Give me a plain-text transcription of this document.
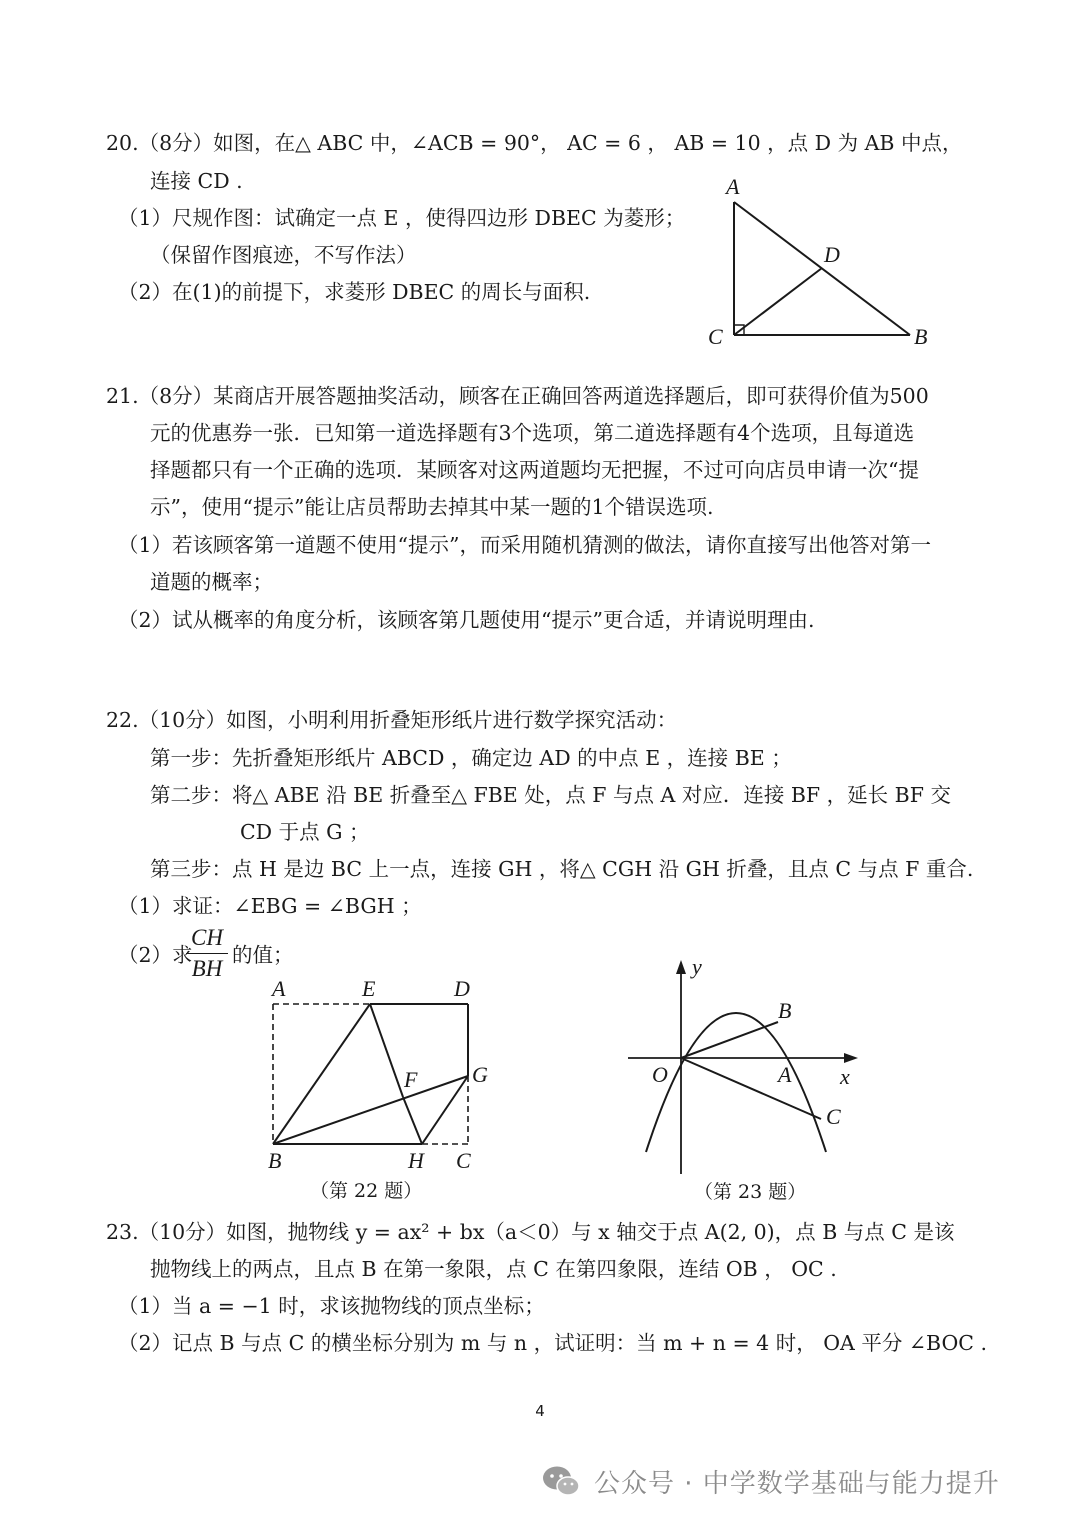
20.（8分）如图，在△ ABC 中，∠ACB = 90°， AC = 6 ， AB = 10 ，点 D 为 AB 中点，
连接 CD .
（1）尺规作图：试确定一点 E ，使得四边形 DBEC 为菱形；
（保留作图痕迹，不写作法）
（2）在(1)的前提下，求菱形 DBEC 的周长与面积.
A
D
C	B
21.（8分）某商店开展答题抽奖活动，顾客在正确回答两道选择题后，即可获得价值为500
元的优惠券一张．已知第一道选择题有3个选项，第二道选择题有4个选项，且每道选
择题都只有一个正确的选项．某顾客对这两道题均无把握，不过可向店员申请一次“提
示”，使用“提示”能让店员帮助去掉其中某一题的1个错误选项.
（1）若该顾客第一道题不使用“提示”，而采用随机猜测的做法，请你直接写出他答对第一
道题的概率；
（2）试从概率的角度分析，该顾客第几题使用“提示”更合适，并请说明理由.
22.（10分）如图，小明利用折叠矩形纸片进行数学探究活动：
第一步：先折叠矩形纸片 ABCD ，确定边 AD 的中点 E ，连接 BE ；
第二步：将△ ABE 沿 BE 折叠至△ FBE 处，点 F 与点 A 对应．连接 BF ，延长 BF 交
CD 于点 G ；
第三步：点 H 是边 BC 上一点，连接 GH ，将△ CGH 沿 GH 折叠，且点 C 与点 F 重合.
（1）求证：∠EBG = ∠BGH ；
（2）求
CH
BH
的值；
A	E	D
F G
B	H C
（第 22 题）
y
x
O	A
B
C
（第 23 题）
23.（10分）如图，抛物线 y = ax² + bx（a＜0）与 x 轴交于点 A(2, 0)，点 B 与点 C 是该
抛物线上的两点，且点 B 在第一象限，点 C 在第四象限，连结 OB ， OC .
（1）当 a = −1 时，求该抛物线的顶点坐标；
（2）记点 B 与点 C 的横坐标分别为 m 与 n ，试证明：当 m + n = 4 时， OA 平分 ∠BOC .
4
公众号 · 中学数学基础与能力提升
